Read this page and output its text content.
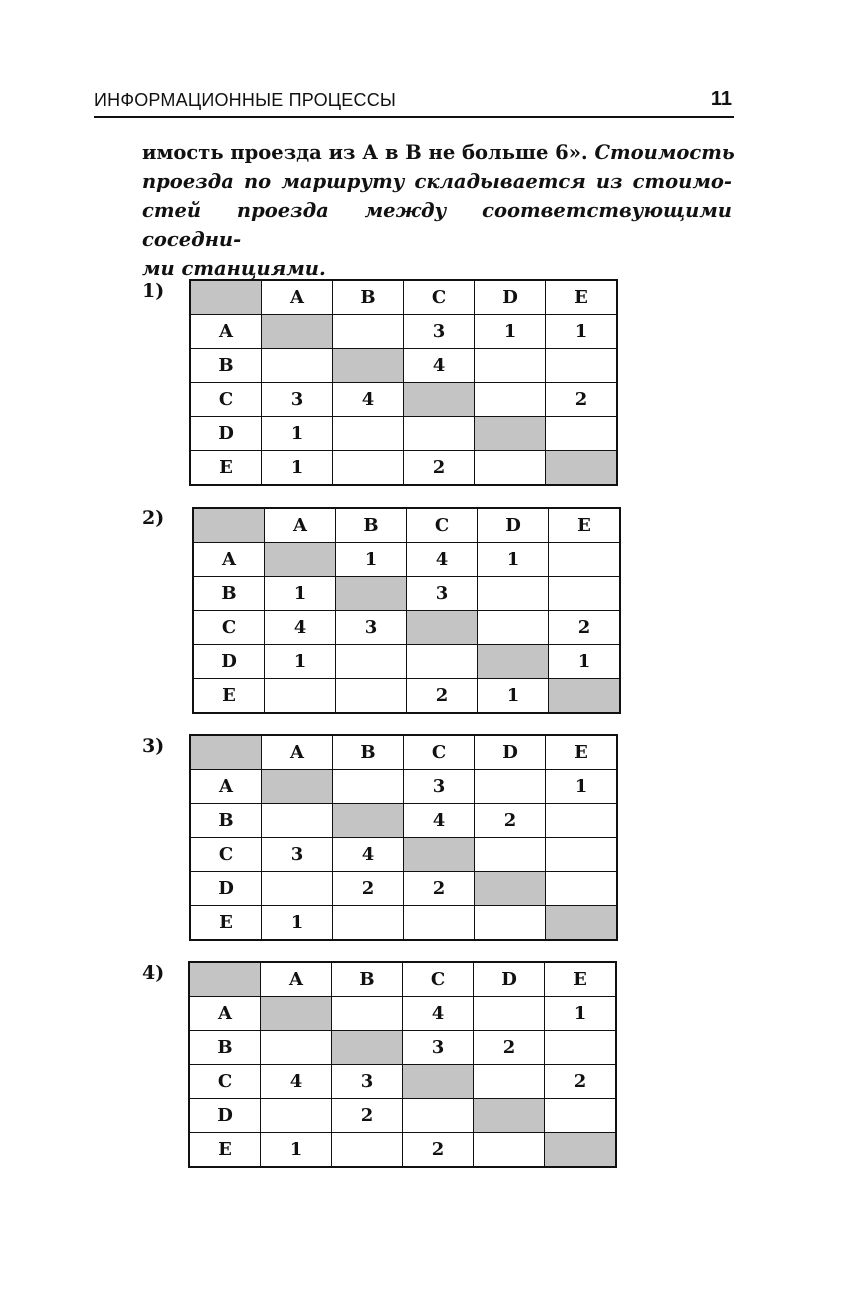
ИНФОРМАЦИОННЫЕ ПРОЦЕССЫ	11
имость проезда из А в В не больше 6». Стоимость
проезда по маршруту складывается из стоимо-
стей проезда между соответствующими соседни-
ми станциями.
1)
		A	B	C	D	E
A			3	1	1
B			4		
C	3	4			2
D	1				
E	1		2		
2)
		A	B	C	D	E
A		1	4	1	
B	1		3		
C	4	3			2
D	1				1
E			2	1	
3)
		A	B	C	D	E
A			3		1
B			4	2	
C	3	4			
D		2	2		
E	1				
4)
		A	B	C	D	E
A			4		1
B			3	2	
C	4	3			2
D		2			
E	1		2		
